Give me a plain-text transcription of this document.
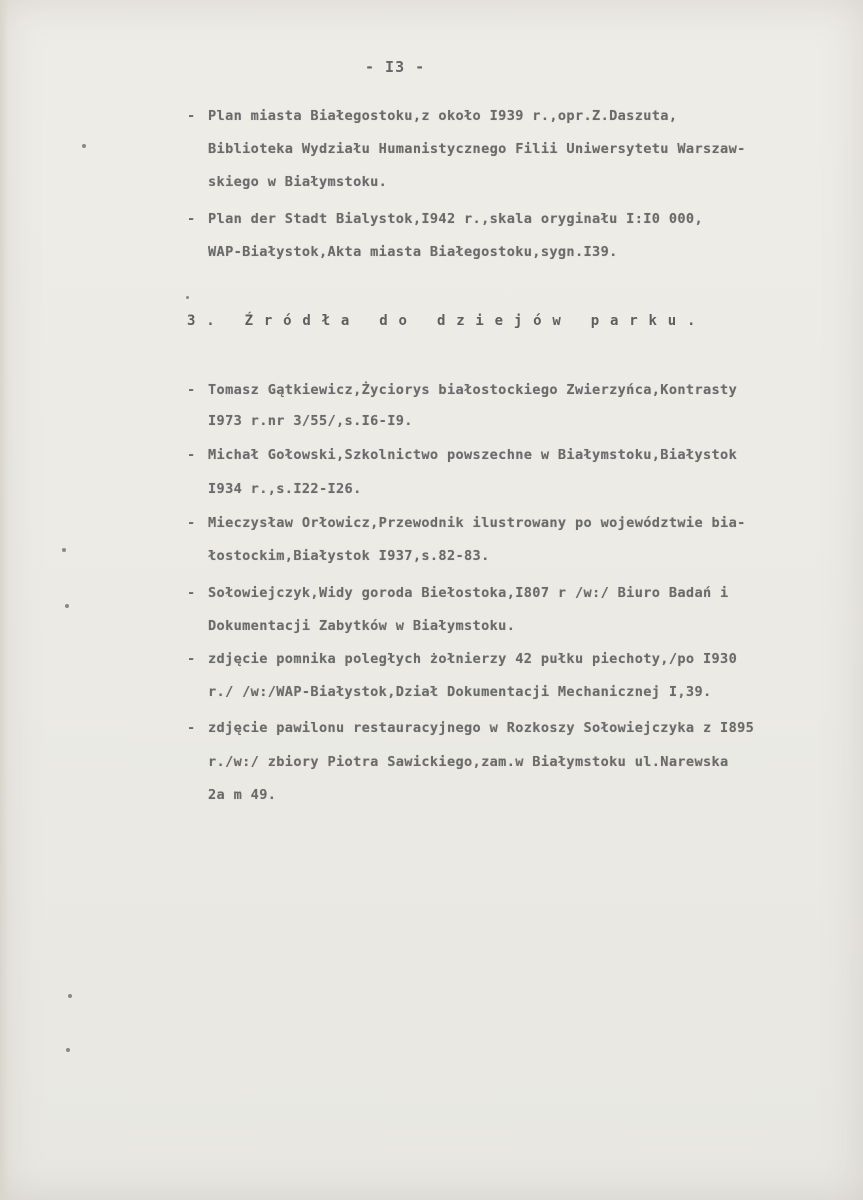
- I3 -
- Plan miasta Białegostoku,z około I939 r.,opr.Z.Daszuta,
Biblioteka Wydziału Humanistycznego Filii Uniwersytetu Warszaw-
skiego w Białymstoku.
- Plan der Stadt Bialystok,I942 r.,skala oryginału I:I0 000,
WAP-Białystok,Akta miasta Białegostoku,sygn.I39.
3. Źródła do dziejów parku.
- Tomasz Gątkiewicz,Życiorys białostockiego Zwierzyńca,Kontrasty
I973 r.nr 3/55/,s.I6-I9.
- Michał Gołowski,Szkolnictwo powszechne w Białymstoku,Białystok
I934 r.,s.I22-I26.
- Mieczysław Orłowicz,Przewodnik ilustrowany po województwie bia-
łostockim,Białystok I937,s.82-83.
- Sołowiejczyk,Widy goroda Biełostoka,I807 r /w:/ Biuro Badań i
Dokumentacji Zabytków w Białymstoku.
- zdjęcie pomnika poległych żołnierzy 42 pułku piechoty,/po I930
r./ /w:/WAP-Białystok,Dział Dokumentacji Mechanicznej I,39.
- zdjęcie pawilonu restauracyjnego w Rozkoszy Sołowiejczyka z I895
r./w:/ zbiory Piotra Sawickiego,zam.w Białymstoku ul.Narewska
2a m 49.
